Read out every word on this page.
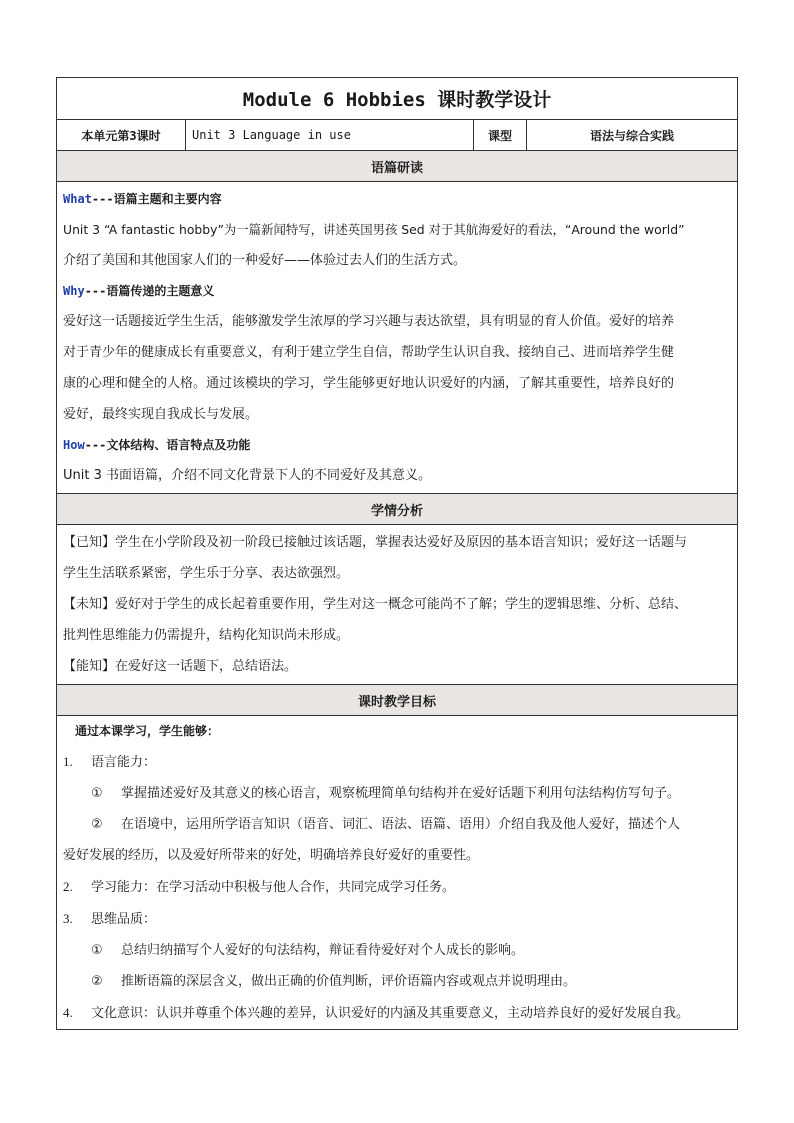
Module 6 Hobbies 课时教学设计
本单元第3课时	Unit 3 Language in use	课型	语法与综合实践
语篇研读

What---语篇主题和主要内容

Unit 3 “A fantastic hobby”为一篇新闻特写，讲述英国男孩 Sed 对于其航海爱好的看法，“Around the world”

介绍了美国和其他国家人们的一种爱好——体验过去人们的生活方式。

Why---语篇传递的主题意义

爱好这一话题接近学生生活，能够激发学生浓厚的学习兴趣与表达欲望，具有明显的育人价值。爱好的培养

对于青少年的健康成长有重要意义，有利于建立学生自信，帮助学生认识自我、接纳自己、进而培养学生健

康的心理和健全的人格。通过该模块的学习，学生能够更好地认识爱好的内涵，了解其重要性，培养良好的

爱好，最终实现自我成长与发展。

How---文体结构、语言特点及功能

Unit 3 书面语篇，介绍不同文化背景下人的不同爱好及其意义。

学情分析

【已知】学生在小学阶段及初一阶段已接触过该话题，掌握表达爱好及原因的基本语言知识；爱好这一话题与

学生生活联系紧密，学生乐于分享、表达欲强烈。

【未知】爱好对于学生的成长起着重要作用，学生对这一概念可能尚不了解；学生的逻辑思维、分析、总结、

批判性思维能力仍需提升，结构化知识尚未形成。

【能知】在爱好这一话题下，总结语法。

课时教学目标

通过本课学习，学生能够：

1. 语言能力：

① 掌握描述爱好及其意义的核心语言，观察梳理简单句结构并在爱好话题下利用句法结构仿写句子。

② 在语境中，运用所学语言知识（语音、词汇、语法、语篇、语用）介绍自我及他人爱好，描述个人

爱好发展的经历，以及爱好所带来的好处，明确培养良好爱好的重要性。

2. 学习能力：在学习活动中积极与他人合作，共同完成学习任务。

3. 思维品质：

① 总结归纳描写个人爱好的句法结构，辩证看待爱好对个人成长的影响。

② 推断语篇的深层含义，做出正确的价值判断，评价语篇内容或观点并说明理由。

4. 文化意识：认识并尊重个体兴趣的差异，认识爱好的内涵及其重要意义，主动培养良好的爱好发展自我。
